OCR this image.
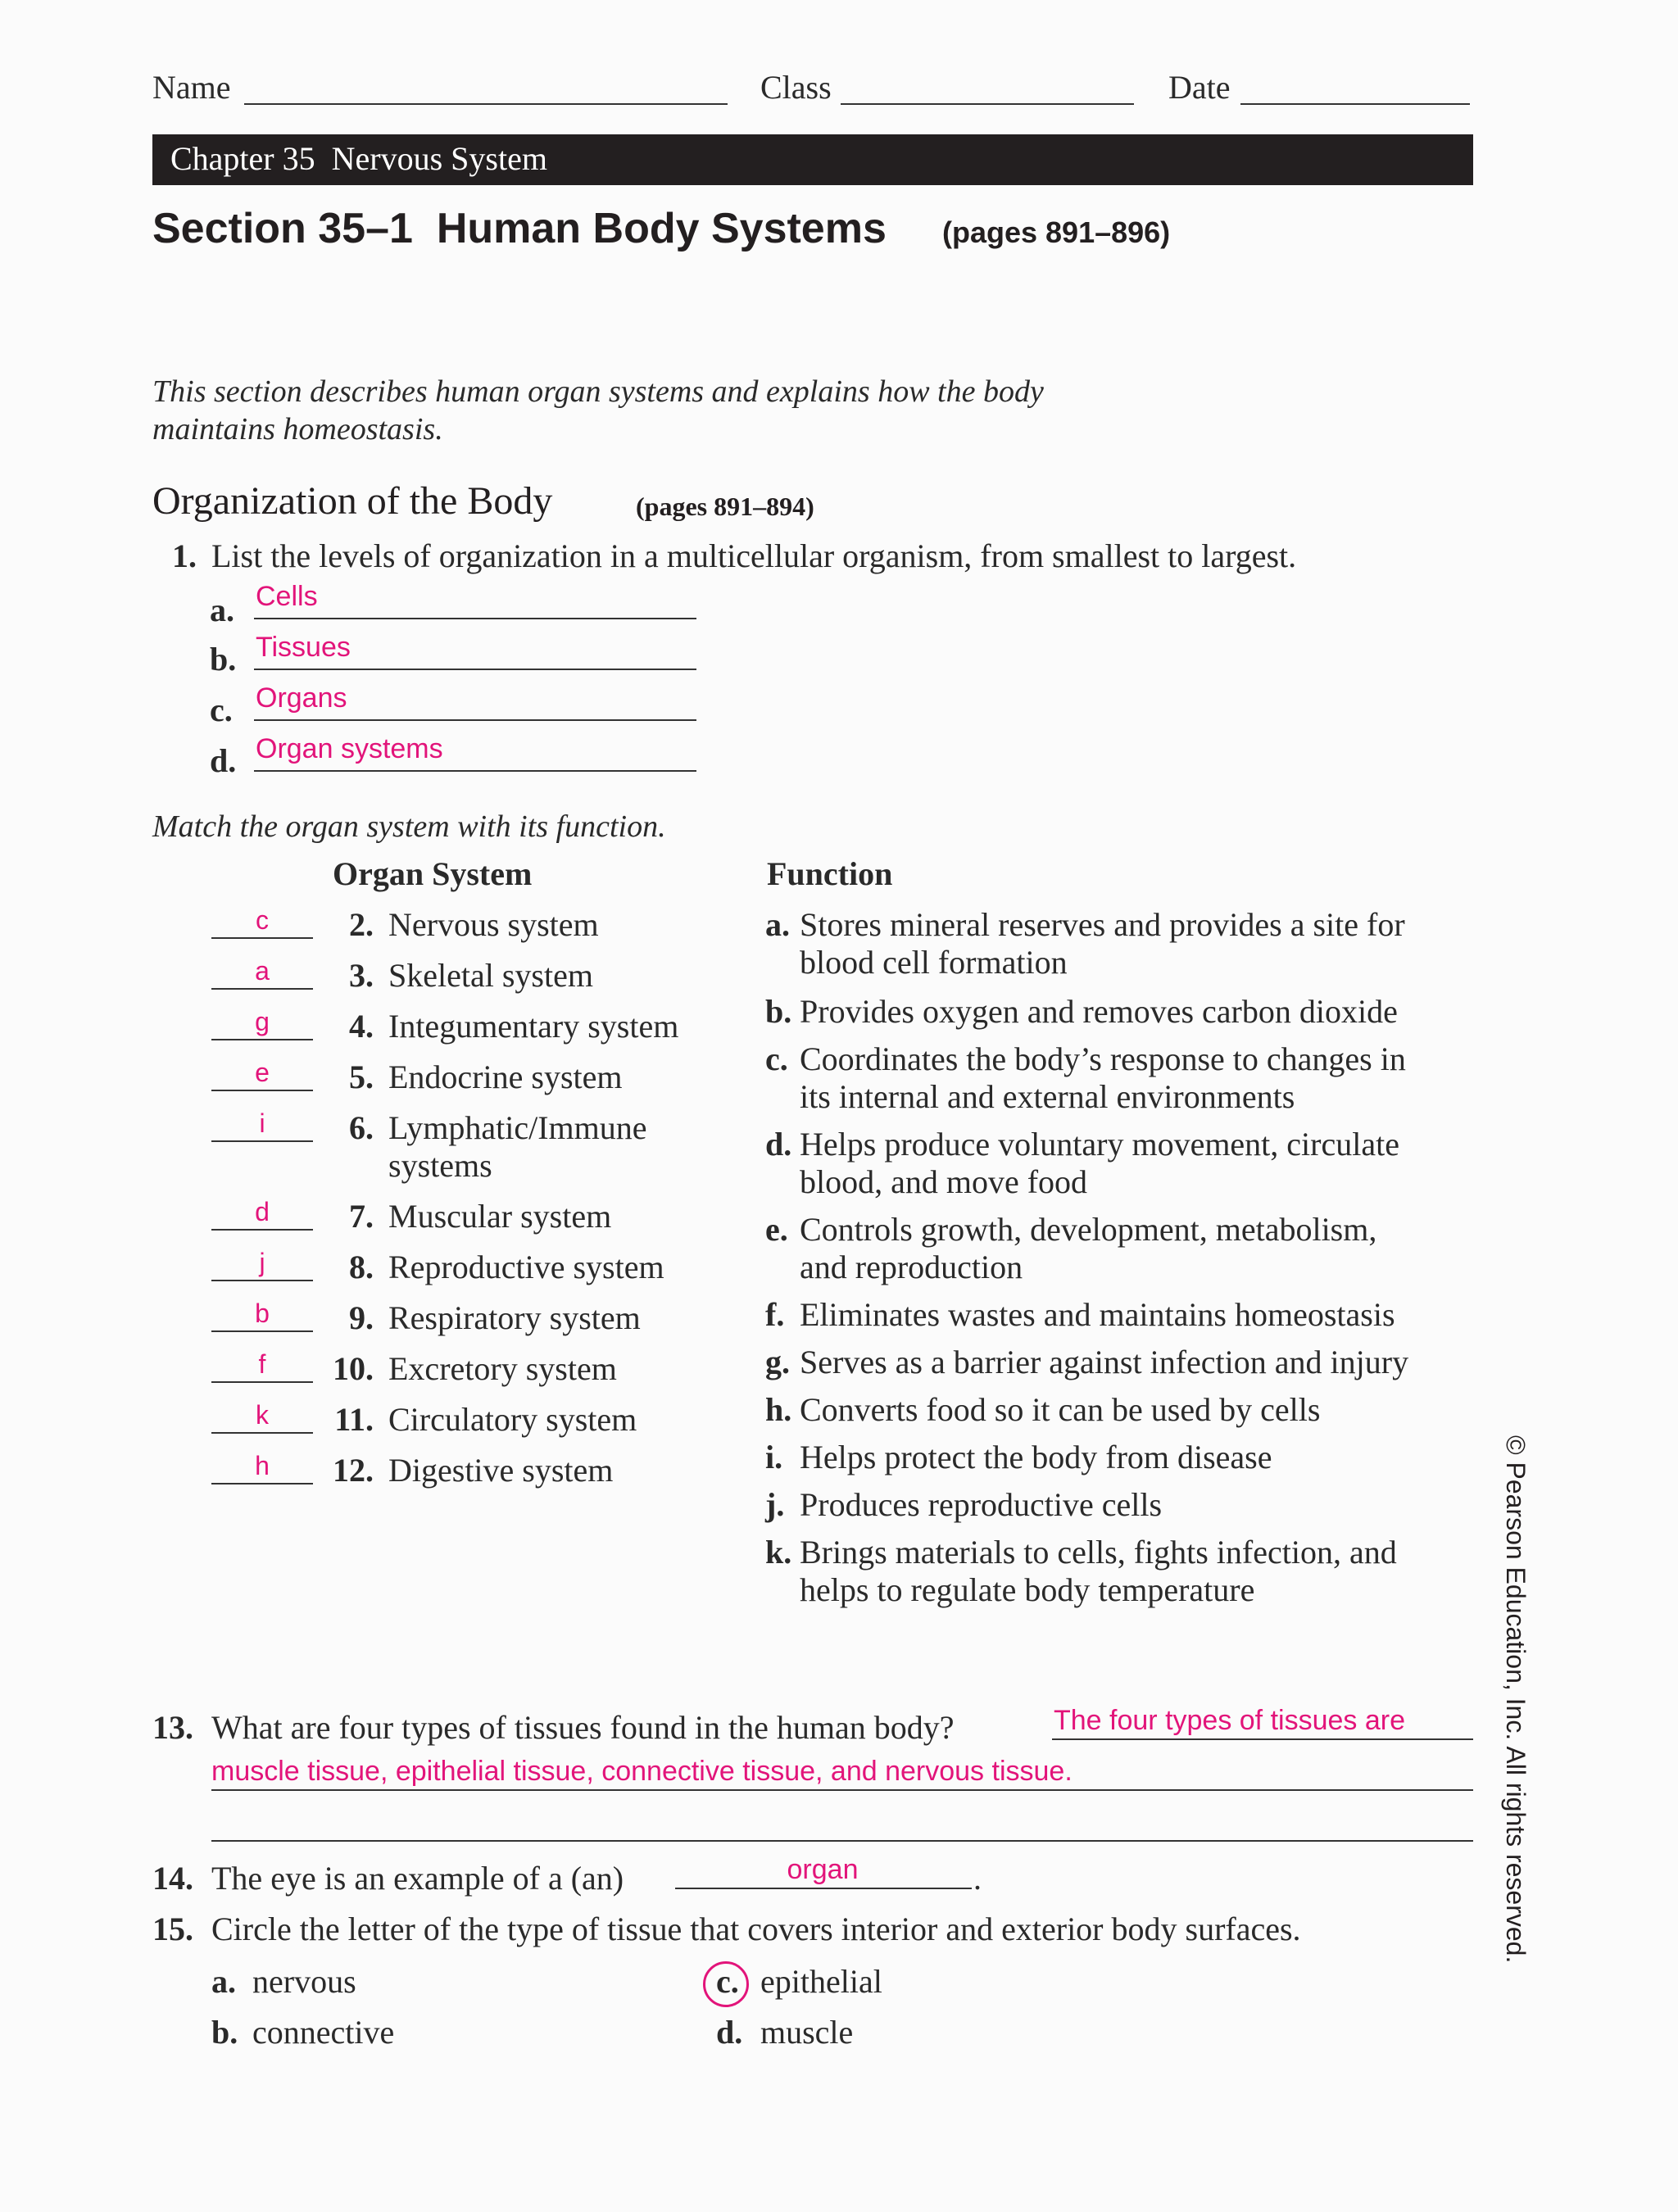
Name	Class	Date
Chapter 35  Nervous System
Section 35–1  Human Body Systems (pages 891–896)
This section describes human organ systems and explains how the body
maintains homeostasis.
Organization of the Body	(pages 891–894)
1. List the levels of organization in a multicellular organism, from smallest to largest.
a. Cells
b. Tissues
c. Organs
d. Organ systems
Match the organ system with its function.
Organ System	Function
c	2. Nervous system
a	3. Skeletal system
g	4. Integumentary system
e	5. Endocrine system
i	6. Lymphatic/Immune
systems
d	7. Muscular system
j	8. Reproductive system
b	9. Respiratory system
f	10. Excretory system
k	11. Circulatory system
h	12. Digestive system
a. Stores mineral reserves and provides a site for
blood cell formation
b. Provides oxygen and removes carbon dioxide
c. Coordinates the body’s response to changes in
its internal and external environments
d. Helps produce voluntary movement, circulate
blood, and move food
e. Controls growth, development, metabolism,
and reproduction
f. Eliminates wastes and maintains homeostasis
g. Serves as a barrier against infection and injury
h. Converts food so it can be used by cells
i. Helps protect the body from disease
j. Produces reproductive cells
k. Brings materials to cells, fights infection, and
helps to regulate body temperature
13. What are four types of tissues found in the human body?	The four types of tissues are
muscle tissue, epithelial tissue, connective tissue, and nervous tissue.
14. The eye is an example of a (an)	organ	.
15. Circle the letter of the type of tissue that covers interior and exterior body surfaces.
a. nervous
b. connective
c. epithelial
d. muscle
© Pearson Education, Inc. All rights reserved.
